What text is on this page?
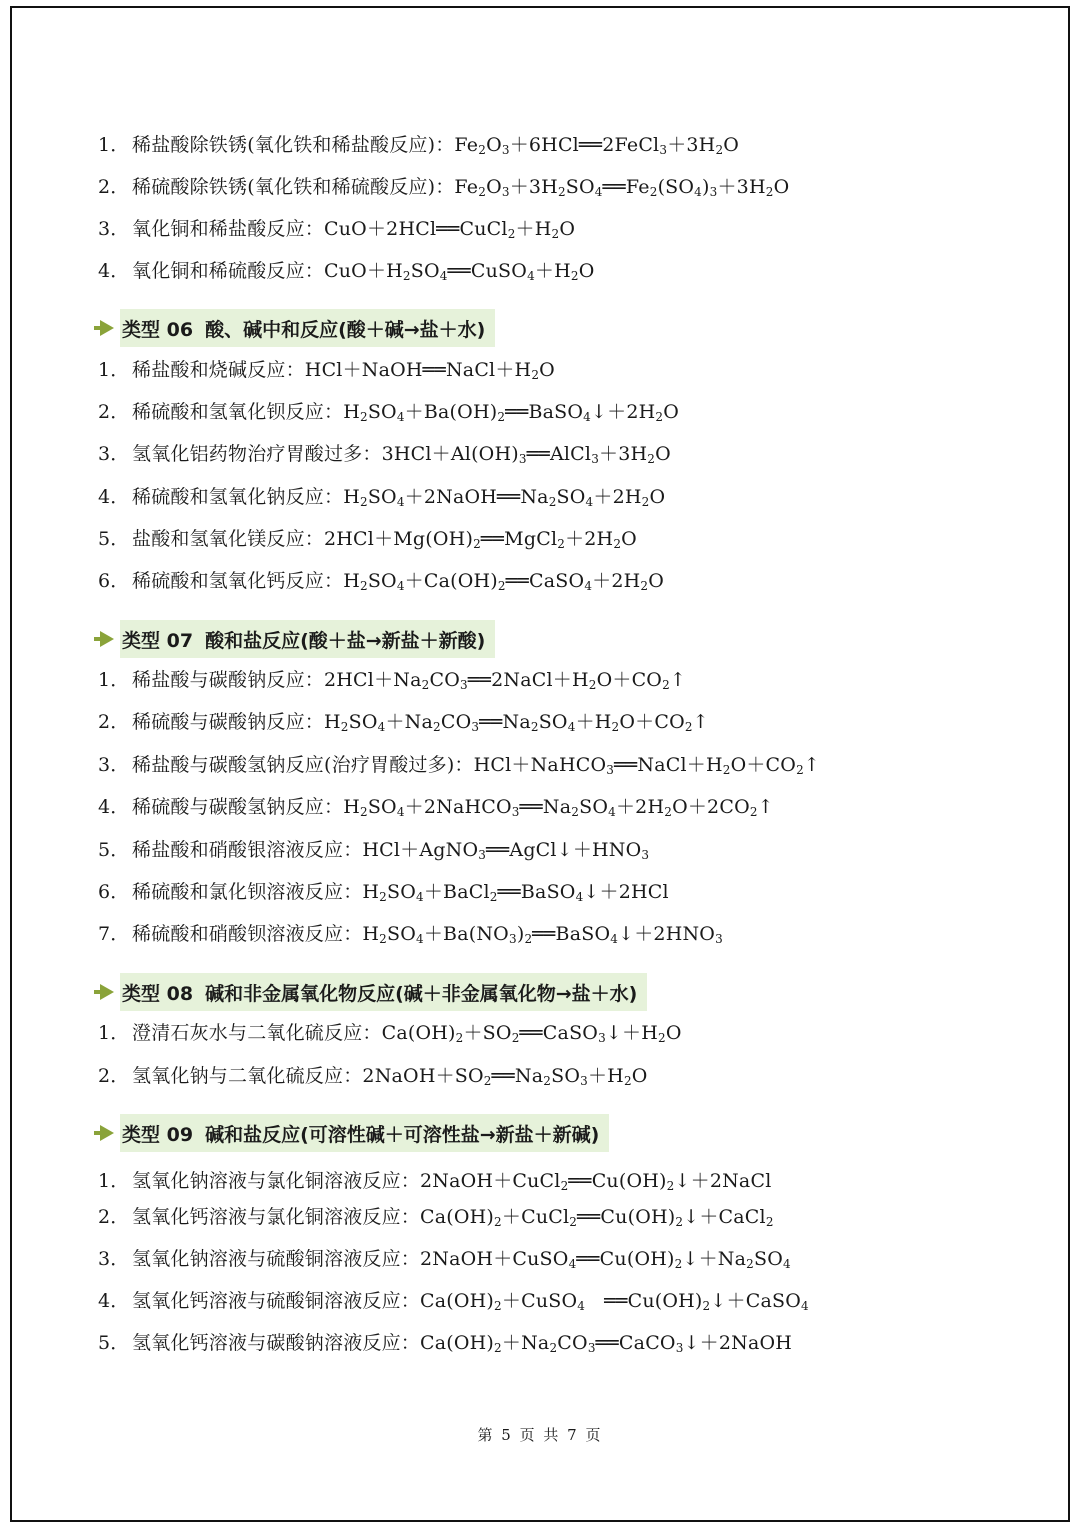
1． 稀盐酸除铁锈(氧化铁和稀盐酸反应)：$Fe_2O_3+6HCl══2FeCl_3+3H_2O$
2． 稀硫酸除铁锈(氧化铁和稀硫酸反应)：$Fe_2O_3+3H_2SO_4══Fe_2(SO_4)_3+3H_2O$
3． 氧化铜和稀盐酸反应：$CuO+2HCl══CuCl_2+H_2O$
4． 氧化铜和稀硫酸反应：$CuO+H_2SO_4══CuSO_4+H_2O$
类型 06 酸、碱中和反应(酸＋碱→盐＋水)
1． 稀盐酸和烧碱反应：$HCl+NaOH══NaCl+H_2O$
2． 稀硫酸和氢氧化钡反应：$H_2SO_4+Ba(OH)_2══BaSO_4↓+2H_2O$
3． 氢氧化铝药物治疗胃酸过多：$3HCl+Al(OH)_3══AlCl_3+3H_2O$
4． 稀硫酸和氢氧化钠反应：$H_2SO_4+2NaOH══Na_2SO_4+2H_2O$
5． 盐酸和氢氧化镁反应：$2HCl+Mg(OH)_2══MgCl_2+2H_2O$
6． 稀硫酸和氢氧化钙反应：$H_2SO_4+Ca(OH)_2══CaSO_4+2H_2O$
类型 07 酸和盐反应(酸＋盐→新盐＋新酸)
1． 稀盐酸与碳酸钠反应：$2HCl+Na_2CO_3══2NaCl+H_2O+CO_2↑$
2． 稀硫酸与碳酸钠反应：$H_2SO_4+Na_2CO_3══Na_2SO_4+H_2O+CO_2↑$
3． 稀盐酸与碳酸氢钠反应(治疗胃酸过多)：$HCl+NaHCO_3══NaCl+H_2O+CO_2↑$
4． 稀硫酸与碳酸氢钠反应：$H_2SO_4+2NaHCO_3══Na_2SO_4+2H_2O+2CO_2↑$
5． 稀盐酸和硝酸银溶液反应：$HCl+AgNO_3══AgCl↓+HNO_3$
6． 稀硫酸和氯化钡溶液反应：$H_2SO_4+BaCl_2══BaSO_4↓+2HCl$
7． 稀硫酸和硝酸钡溶液反应：$H_2SO_4+Ba(NO_3)_2══BaSO_4↓+2HNO_3$
类型 08 碱和非金属氧化物反应(碱＋非金属氧化物→盐＋水)
1． 澄清石灰水与二氧化硫反应：$Ca(OH)_2+SO_2══CaSO_3↓+H_2O$
2． 氢氧化钠与二氧化硫反应：$2NaOH+SO_2══Na_2SO_3+H_2O$
类型 09 碱和盐反应(可溶性碱＋可溶性盐→新盐＋新碱)
1． 氢氧化钠溶液与氯化铜溶液反应：$2NaOH+CuCl_2══Cu(OH)_2↓+2NaCl$
2． 氢氧化钙溶液与氯化铜溶液反应：$Ca(OH)_2+CuCl_2══Cu(OH)_2↓+CaCl_2$
3． 氢氧化钠溶液与硫酸铜溶液反应：$2NaOH+CuSO_4══Cu(OH)_2↓+Na_2SO_4$
4． 氢氧化钙溶液与硫酸铜溶液反应：$Ca(OH)_2+CuSO_4$　$══Cu(OH)_2↓+CaSO_4$
5． 氢氧化钙溶液与碳酸钠溶液反应：$Ca(OH)_2+Na_2CO_3══CaCO_3↓+2NaOH$
第 5 页 共 7 页
